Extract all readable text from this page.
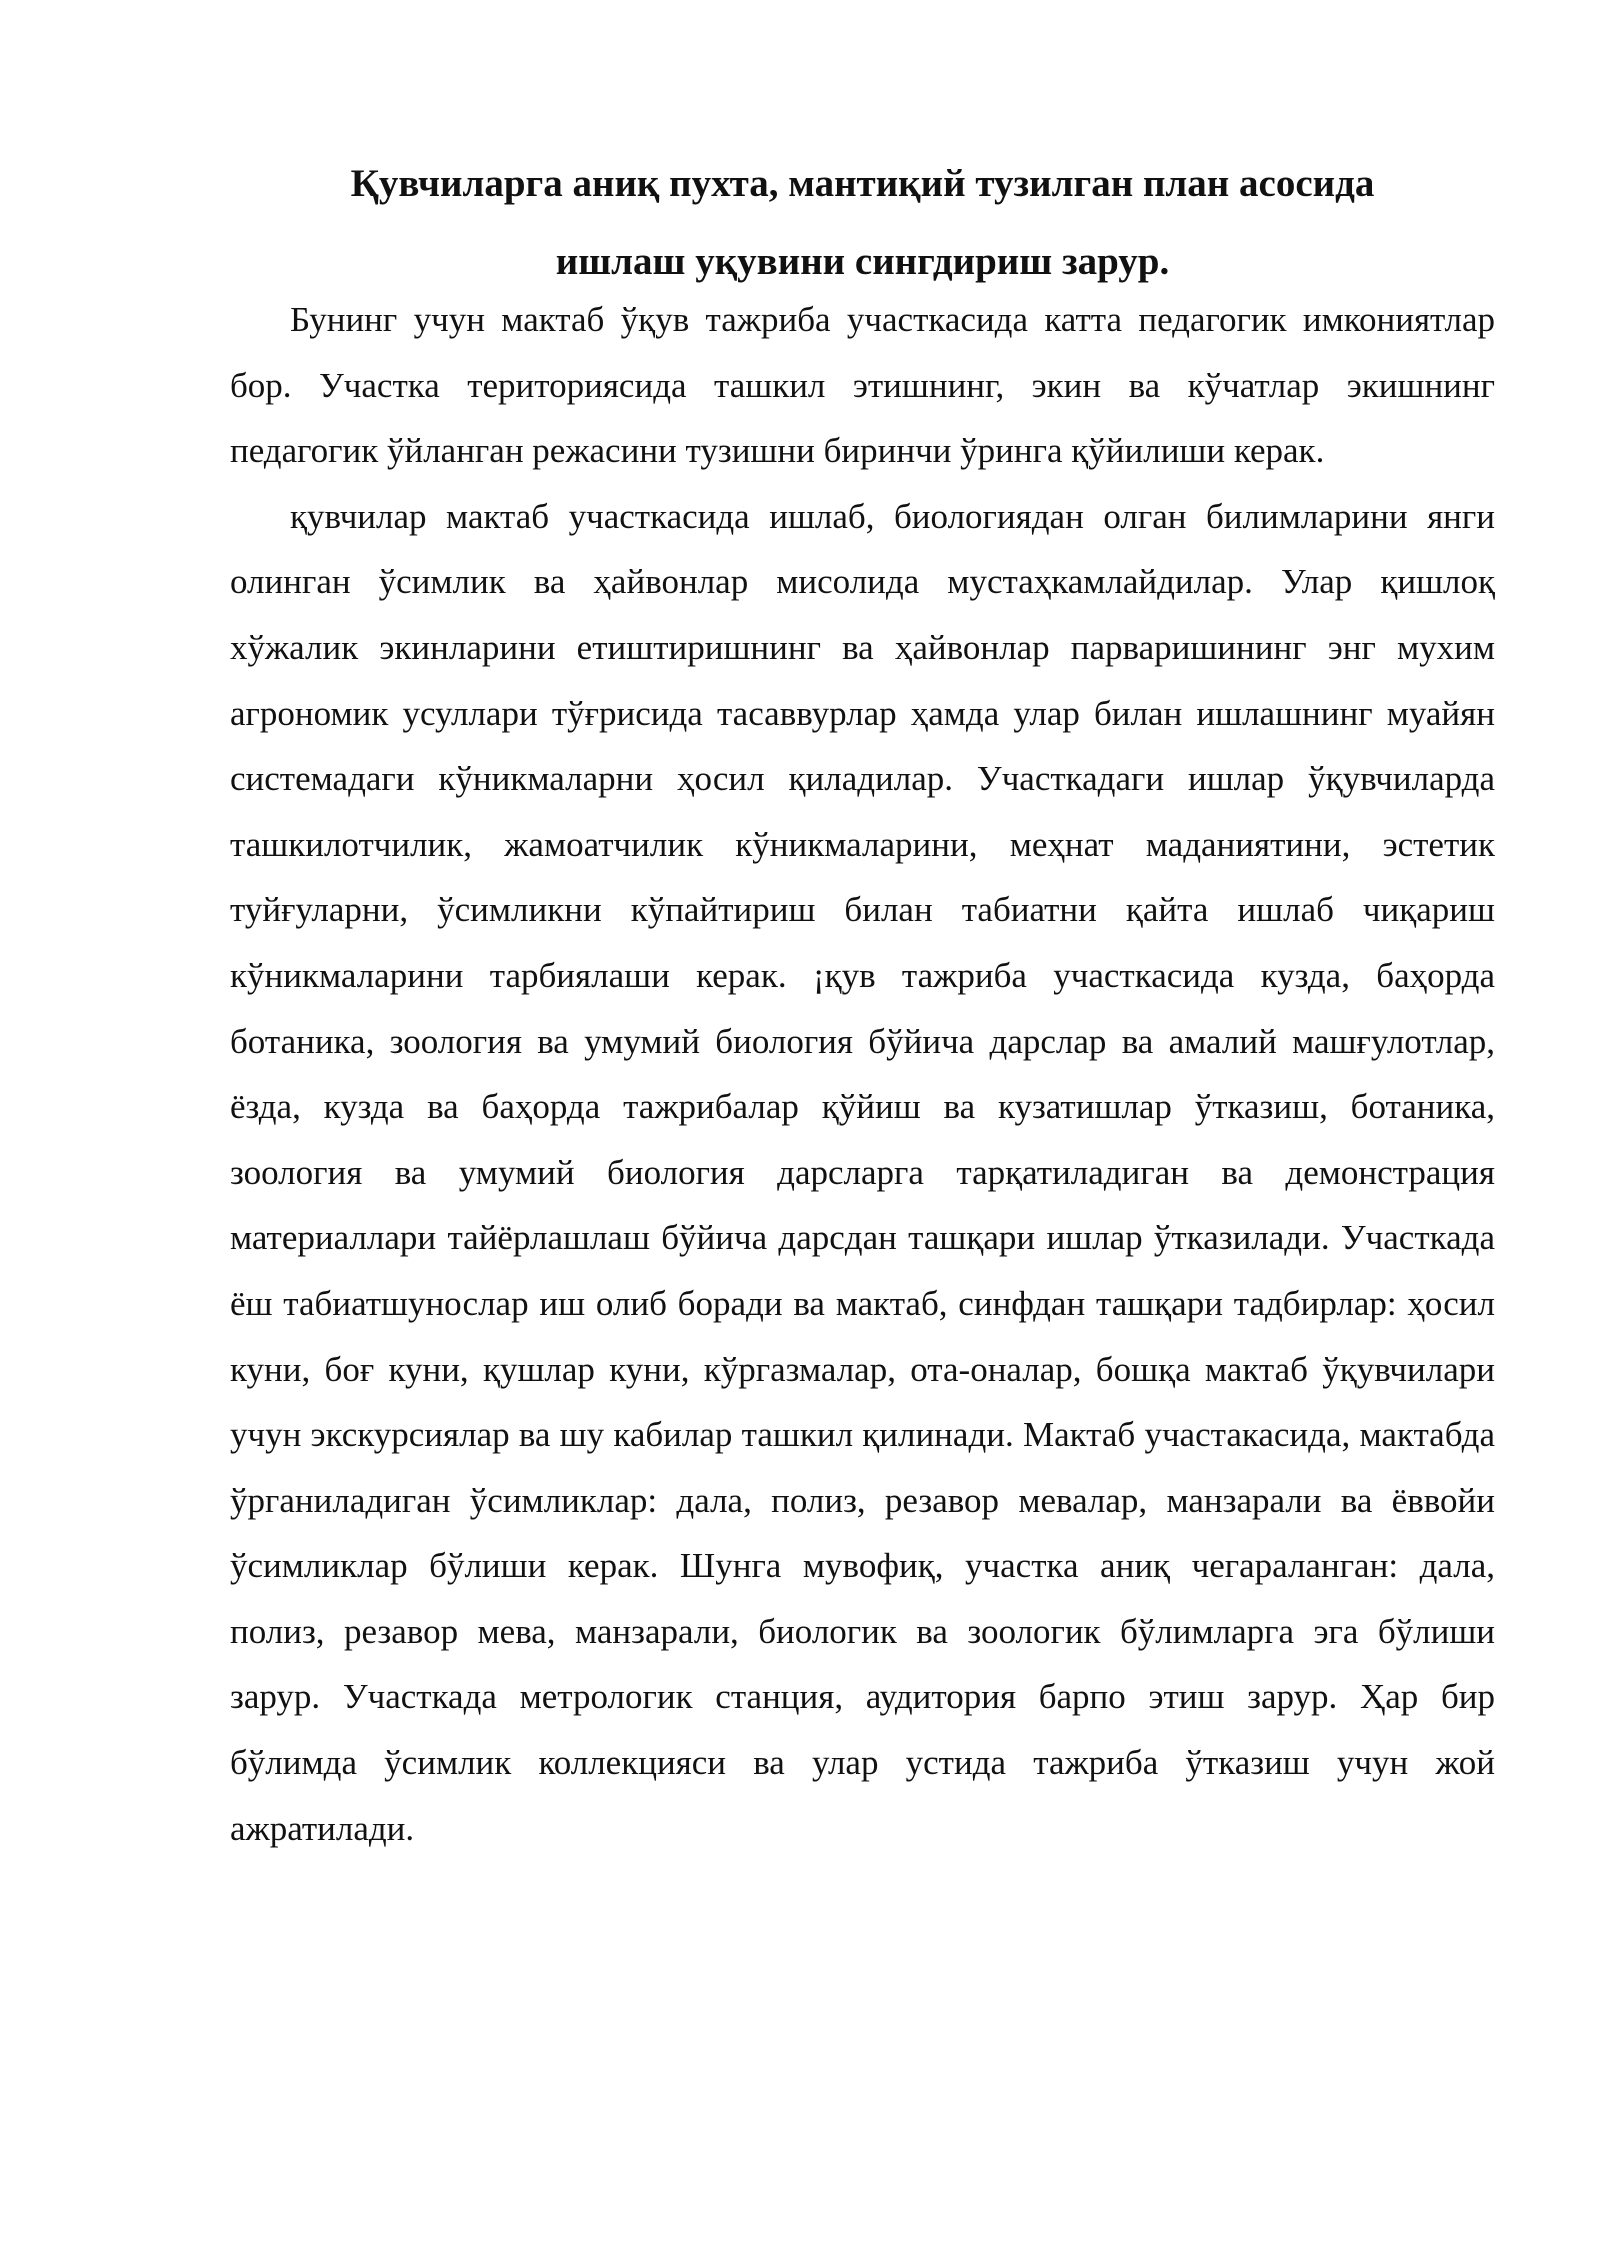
Қувчиларга аниқ пухта, мантиқий тузилган план асосида
ишлаш уқувини сингдириш зарур.

Бунинг учун мактаб ўқув тажриба участкасида катта педагогик имкониятлар бор. Участка териториясида ташкил этишнинг, экин ва кўчатлар экишнинг педагогик ўйланган режасини тузишни биринчи ўринга қўйилиши керак.

қувчилар мактаб участкасида ишлаб, биологиядан олган билимларини янги олинган ўсимлик ва ҳайвонлар мисолида мустаҳкамлайдилар. Улар қишлоқ хўжалик экинларини етиштиришнинг ва ҳайвонлар парваришининг энг мухим агрономик усуллари тўғрисида тасаввурлар ҳамда улар билан ишлашнинг муайян системадаги кўникмаларни ҳосил қиладилар. Участкадаги ишлар ўқувчиларда ташкилотчилик, жамоатчилик кўникмаларини, меҳнат маданиятини, эстетик туйғуларни, ўсимликни кўпайтириш билан табиатни қайта ишлаб чиқариш кўникмаларини тарбиялаши керак. ¡қув тажриба участкасида кузда, баҳорда ботаника, зоология ва умумий биология бўйича дарслар ва амалий машғулотлар, ёзда, кузда ва баҳорда тажрибалар қўйиш ва кузатишлар ўтказиш, ботаника, зоология ва умумий биология дарсларга тарқатиладиган ва демонстрация материаллари тайёрлашлаш бўйича дарсдан ташқари ишлар ўтказилади. Участкада ёш табиатшунослар иш олиб боради ва мактаб, синфдан ташқари тадбирлар: ҳосил куни, боғ куни, қушлар куни, кўргазмалар, ота-оналар, бошқа мактаб ўқувчилари учун экскурсиялар ва шу кабилар ташкил қилинади. Мактаб участакасида, мактабда ўрганиладиган ўсимликлар: дала, полиз, резавор мевалар, манзарали ва ёввойи ўсимликлар бўлиши керак. Шунга мувофиқ, участка аниқ чегараланган: дала, полиз, резавор мева, манзарали, биологик ва зоологик бўлимларга эга бўлиши зарур. Участкада метрологик станция, аудитория барпо этиш зарур. Ҳар бир бўлимда ўсимлик коллекцияси ва улар устида тажриба ўтказиш учун жой ажратилади.
